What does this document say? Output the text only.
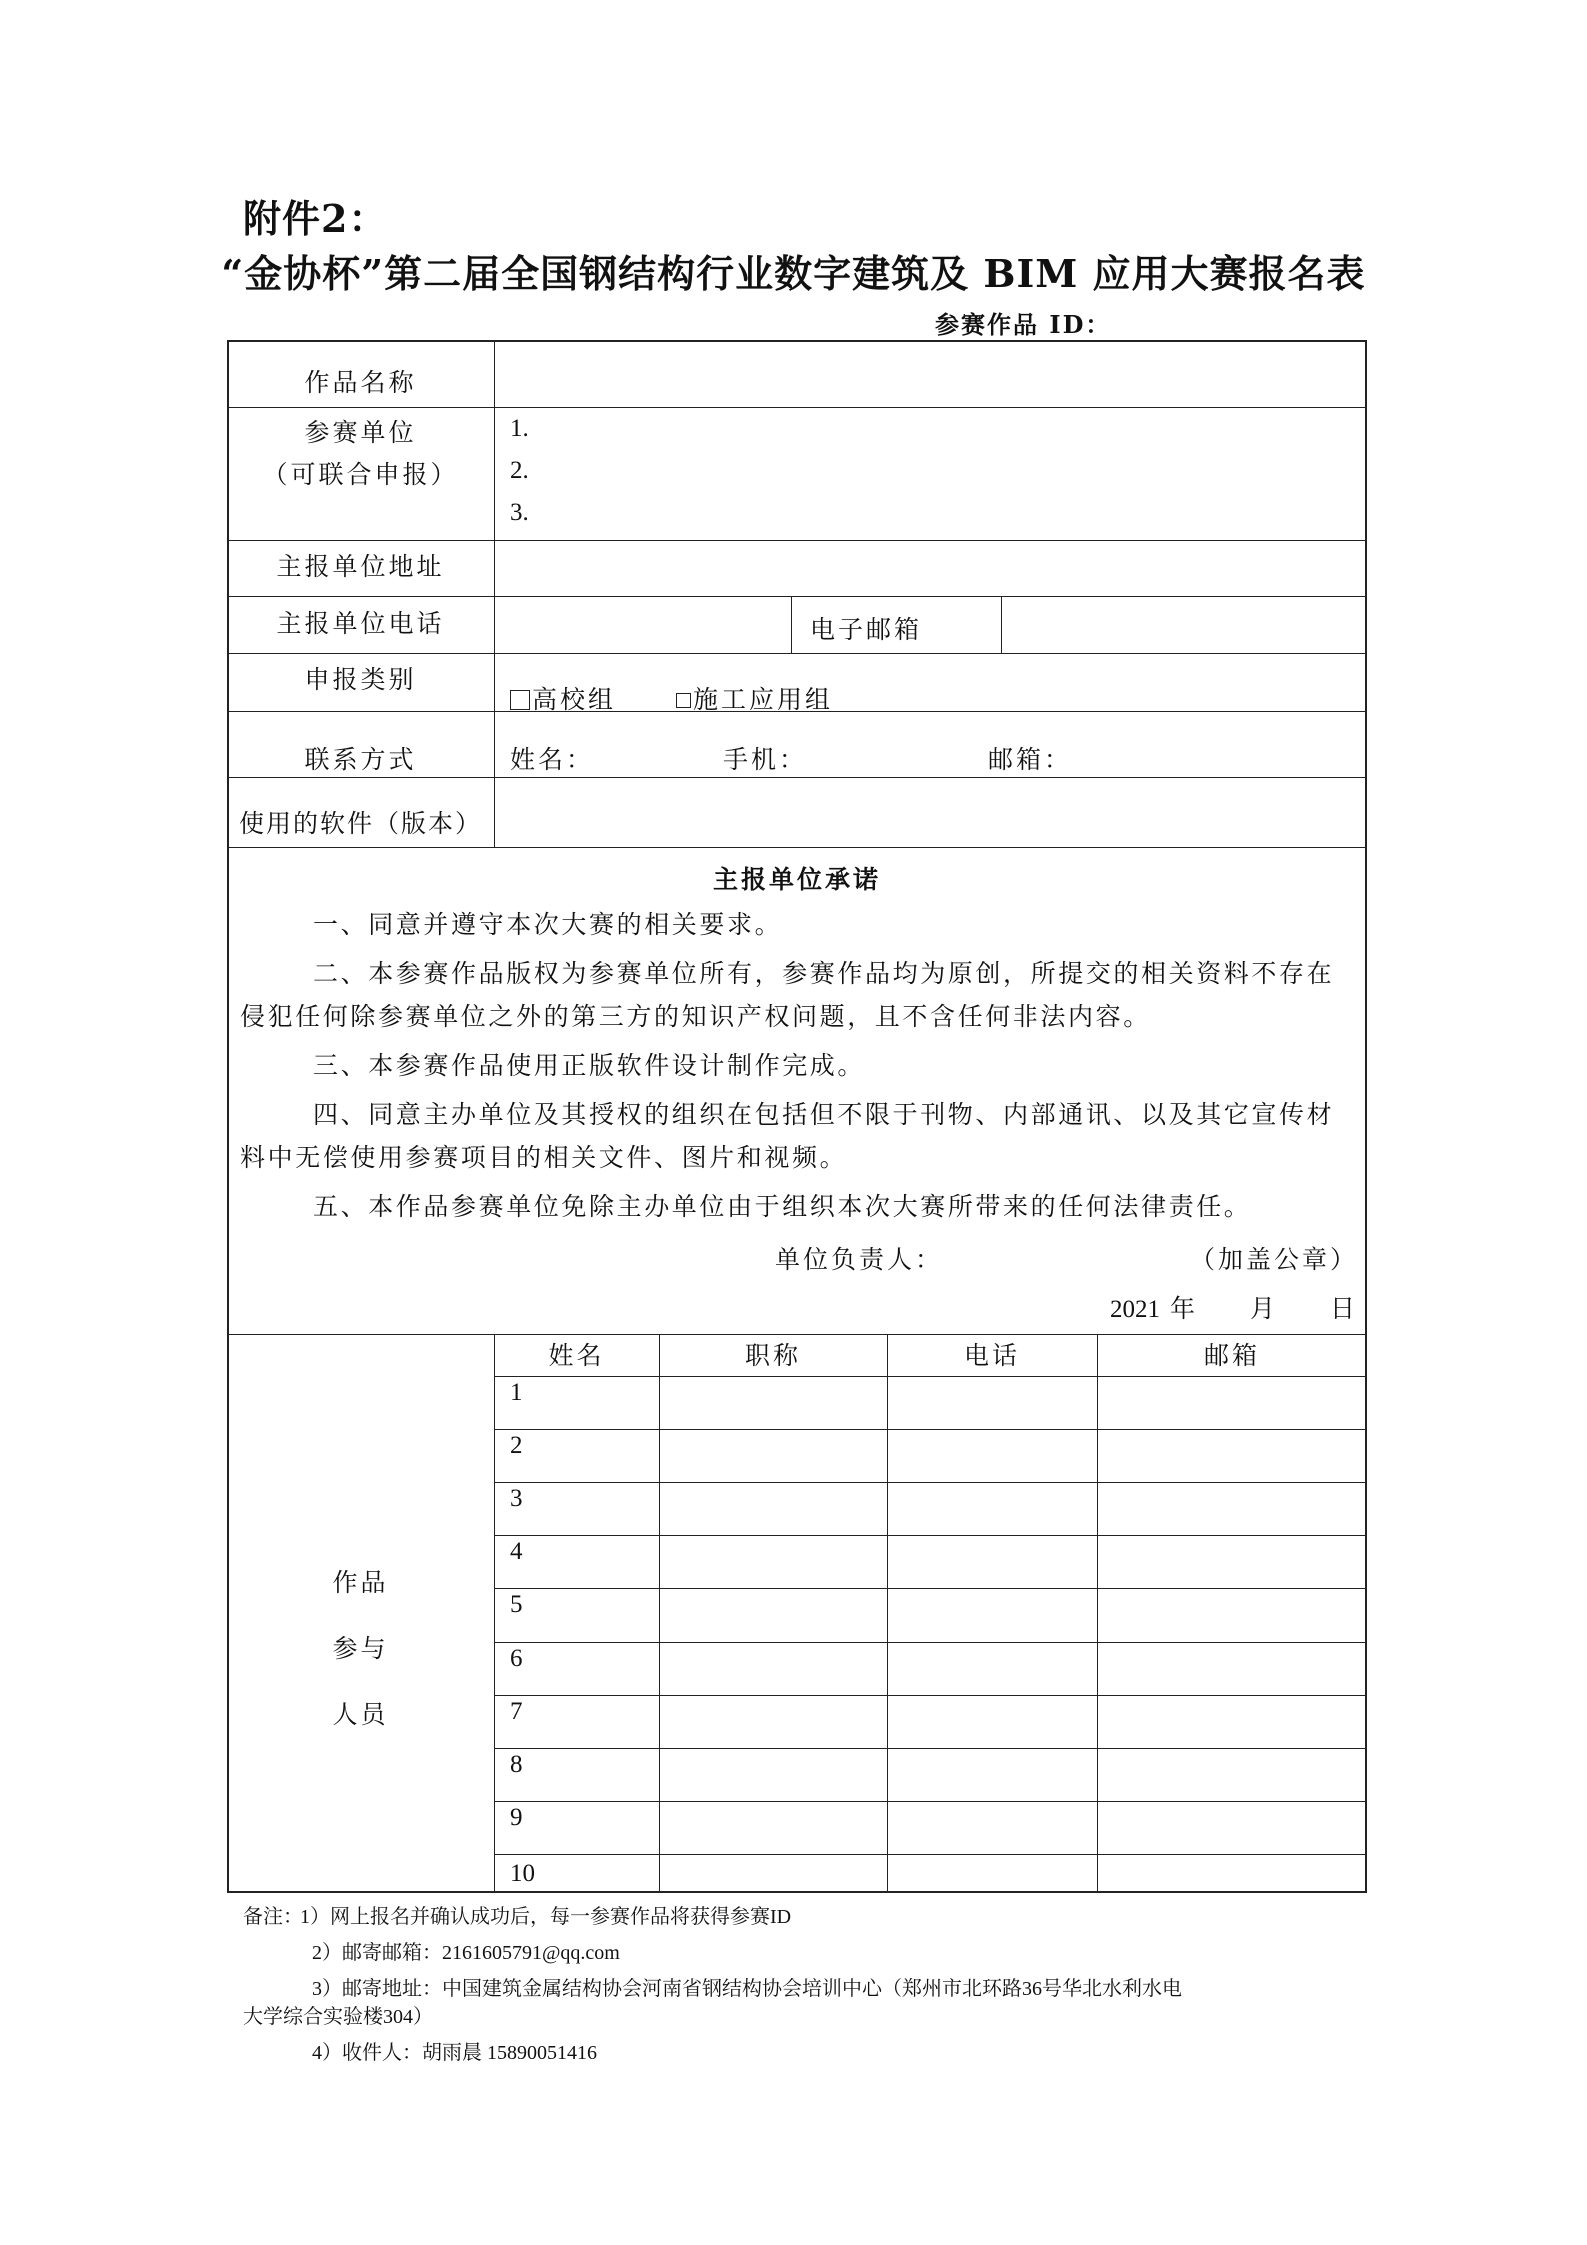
附件2：
“金协杯”第二届全国钢结构行业数字建筑及 BIM 应用大赛报名表
参赛作品 ID：
作品名称
参赛单位
（可联合申报）
1.
2.
3.
主报单位地址
主报单位电话	电子邮箱
申报类别
高校组	施工应用组
联系方式	姓名：	手机：	邮箱：
使用的软件（版本）
主报单位承诺
一、同意并遵守本次大赛的相关要求。
二、本参赛作品版权为参赛单位所有，参赛作品均为原创，所提交的相关资料不存在
侵犯任何除参赛单位之外的第三方的知识产权问题，且不含任何非法内容。
三、本参赛作品使用正版软件设计制作完成。
四、同意主办单位及其授权的组织在包括但不限于刊物、内部通讯、以及其它宣传材
料中无偿使用参赛项目的相关文件、图片和视频。
五、本作品参赛单位免除主办单位由于组织本次大赛所带来的任何法律责任。
单位负责人：	（加盖公章）
2021 年 月 日
作品
参与
人员
姓名	职称	电话	邮箱
1
2
3
4
5
6
7
8
9
10
备注：
1）网上报名并确认成功后，每一参赛作品将获得参赛ID
2）邮寄邮箱：2161605791@qq.com
3）邮寄地址：中国建筑金属结构协会河南省钢结构协会培训中心（郑州市北环路36号华北水利水电
大学综合实验楼304）
4）收件人：胡雨晨 15890051416
